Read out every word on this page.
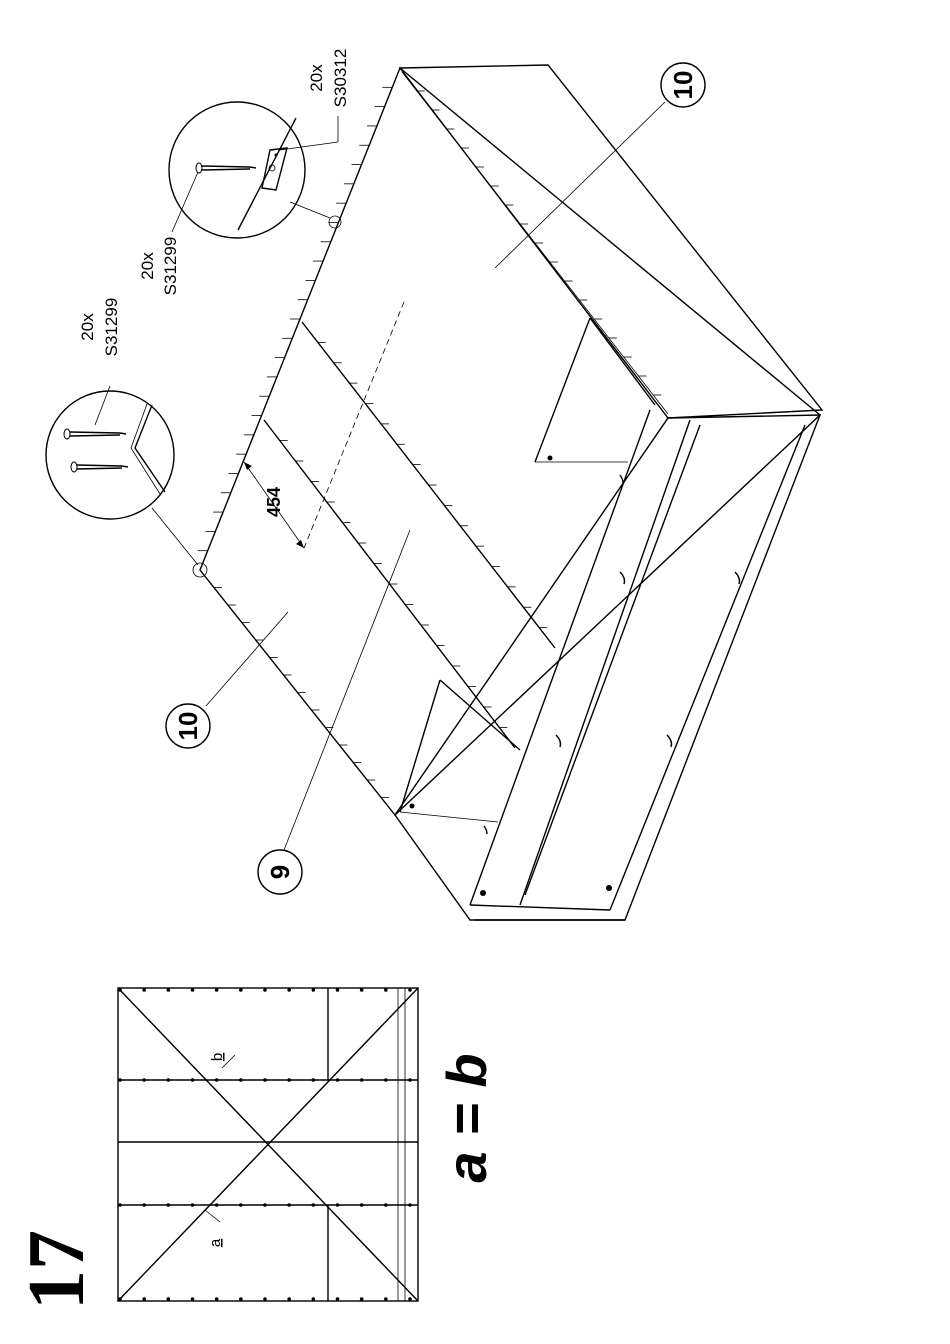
10
10
9
454
20x S31299
20x S31299
20x S30312
a
b	a = b
17
